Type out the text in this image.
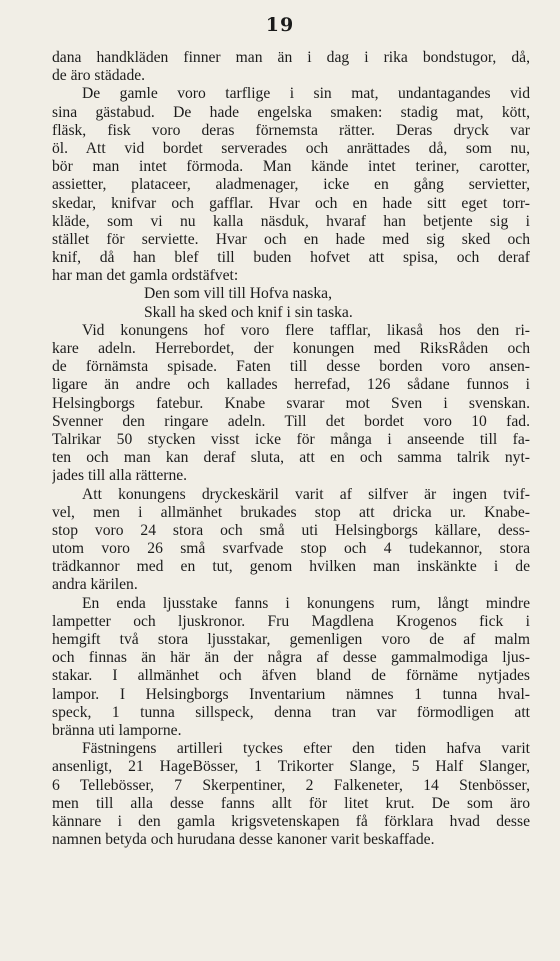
19
dana handkläden finner man än i dag i rika bondstugor, då,
de äro städade.
De gamle voro tarflige i sin mat, undantagandes vid
sina gästabud. De hade engelska smaken: stadig mat, kött,
fläsk, fisk voro deras förnemsta rätter. Deras dryck var
öl. Att vid bordet serverades och anrättades då, som nu,
bör man intet förmoda. Man kände intet teriner, carotter,
assietter, plataceer, aladmenager, icke en gång servietter,
skedar, knifvar och gafflar. Hvar och en hade sitt eget torr-
kläde, som vi nu kalla näsduk, hvaraf han betjente sig i
stället för serviette. Hvar och en hade med sig sked och
knif, då han blef till buden hofvet att spisa, och deraf
har man det gamla ordstäfvet:
Den som vill till Hofva naska,
Skall ha sked och knif i sin taska.
Vid konungens hof voro flere tafflar, likaså hos den ri-
kare adeln. Herrebordet, der konungen med RiksRåden och
de förnämsta spisade. Faten till desse borden voro ansen-
ligare än andre och kallades herrefad, 126 sådane funnos i
Helsingborgs fatebur. Knabe svarar mot Sven i svenskan.
Svenner den ringare adeln. Till det bordet voro 10 fad.
Talrikar 50 stycken visst icke för många i anseende till fa-
ten och man kan deraf sluta, att en och samma talrik nyt-
jades till alla rätterne.
Att konungens dryckeskäril varit af silfver är ingen tvif-
vel, men i allmänhet brukades stop att dricka ur. Knabe-
stop voro 24 stora och små uti Helsingborgs källare, dess-
utom voro 26 små svarfvade stop och 4 tudekannor, stora
trädkannor med en tut, genom hvilken man inskänkte i de
andra kärilen.
En enda ljusstake fanns i konungens rum, långt mindre
lampetter och ljuskronor. Fru Magdlena Krogenos fick i
hemgift två stora ljusstakar, gemenligen voro de af malm
och finnas än här än der några af desse gammalmodiga ljus-
stakar. I allmänhet och äfven bland de förnäme nytjades
lampor. I Helsingborgs Inventarium nämnes 1 tunna hval-
speck, 1 tunna sillspeck, denna tran var förmodligen att
bränna uti lamporne.
Fästningens artilleri tyckes efter den tiden hafva varit
ansenligt, 21 HageBösser, 1 Trikorter Slange, 5 Half Slanger,
6 Tellebösser, 7 Skerpentiner, 2 Falkeneter, 14 Stenbösser,
men till alla desse fanns allt för litet krut. De som äro
kännare i den gamla krigsvetenskapen få förklara hvad desse
namnen betyda och hurudana desse kanoner varit beskaffade.
